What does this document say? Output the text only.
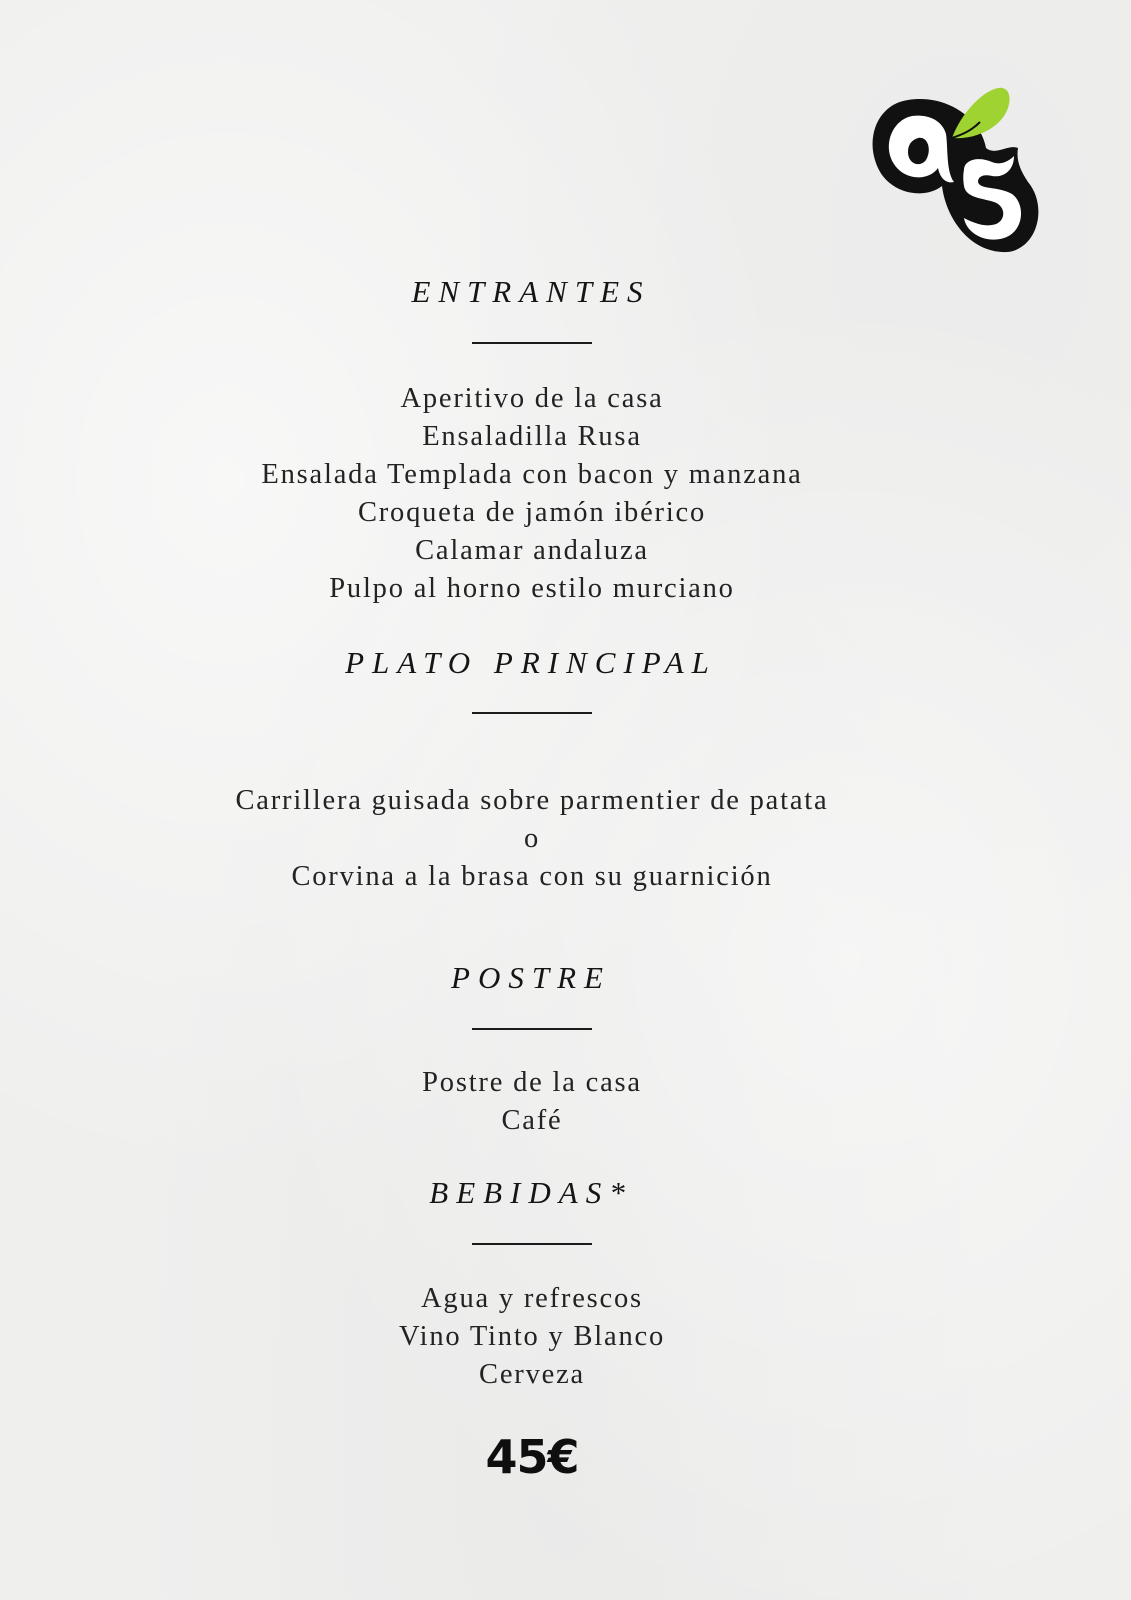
ENTRANTES
Aperitivo de la casa
Ensaladilla Rusa
Ensalada Templada con bacon y manzana
Croqueta de jamón ibérico
Calamar andaluza
Pulpo al horno estilo murciano
PLATO PRINCIPAL
Carrillera guisada sobre parmentier de patata
o
Corvina a la brasa con su guarnición
POSTRE
Postre de la casa
Café
BEBIDAS*
Agua y refrescos
Vino Tinto y Blanco
Cerveza
45€
